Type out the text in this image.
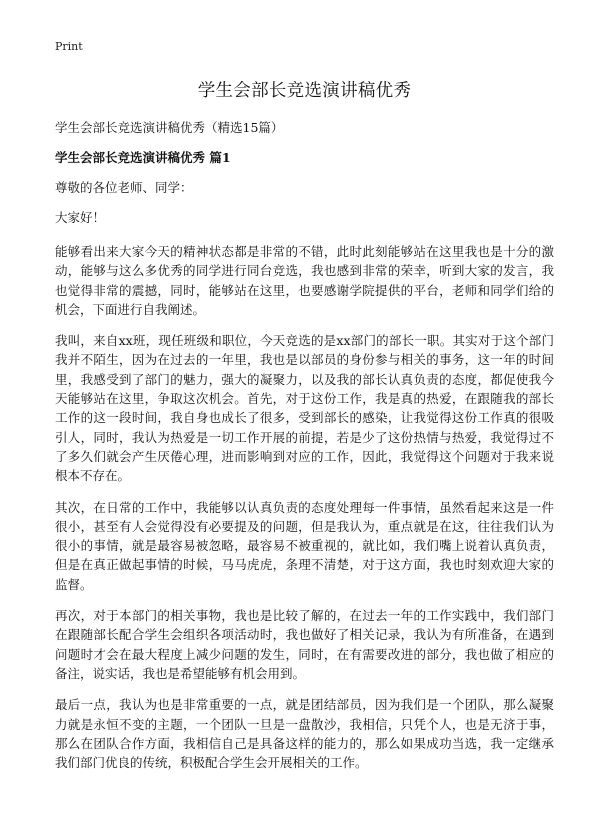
Print

学生会部长竞选演讲稿优秀

学生会部长竞选演讲稿优秀（精选15篇）

学生会部长竞选演讲稿优秀 篇1

尊敬的各位老师、同学：

大家好！

能够看出来大家今天的精神状态都是非常的不错，此时此刻能够站在这里我也是十分的激动，能够与这么多优秀的同学进行同台竞选，我也感到非常的荣幸，听到大家的发言，我也觉得非常的震撼，同时，能够站在这里，也要感谢学院提供的平台，老师和同学们给的机会，下面进行自我阐述。

我叫，来自xx班，现任班级和职位，今天竞选的是xx部门的部长一职。其实对于这个部门我并不陌生，因为在过去的一年里，我也是以部员的身份参与相关的事务，这一年的时间里，我感受到了部门的魅力，强大的凝聚力，以及我的部长认真负责的态度，都促使我今天能够站在这里，争取这次机会。首先，对于这份工作，我是真的热爱，在跟随我的部长工作的这一段时间，我自身也成长了很多，受到部长的感染，让我觉得这份工作真的很吸引人，同时，我认为热爱是一切工作开展的前提，若是少了这份热情与热爱，我觉得过不了多久们就会产生厌倦心理，进而影响到对应的工作，因此，我觉得这个问题对于我来说根本不存在。

其次，在日常的工作中，我能够以认真负责的态度处理每一件事情，虽然看起来这是一件很小，甚至有人会觉得没有必要提及的问题，但是我认为，重点就是在这，往往我们认为很小的事情，就是最容易被忽略，最容易不被重视的，就比如，我们嘴上说着认真负责，但是在真正做起事情的时候，马马虎虎，条理不清楚，对于这方面，我也时刻欢迎大家的监督。

再次，对于本部门的相关事物，我也是比较了解的，在过去一年的工作实践中，我们部门在跟随部长配合学生会组织各项活动时，我也做好了相关记录，我认为有所准备，在遇到问题时才会在最大程度上减少问题的发生，同时，在有需要改进的部分，我也做了相应的备注，说实话，我也是希望能够有机会用到。

最后一点，我认为也是非常重要的一点，就是团结部员，因为我们是一个团队，那么凝聚力就是永恒不变的主题，一个团队一旦是一盘散沙，我相信，只凭个人，也是无济于事，那么在团队合作方面，我相信自己是具备这样的能力的，那么如果成功当选，我一定继承我们部门优良的传统，积极配合学生会开展相关的工作。
